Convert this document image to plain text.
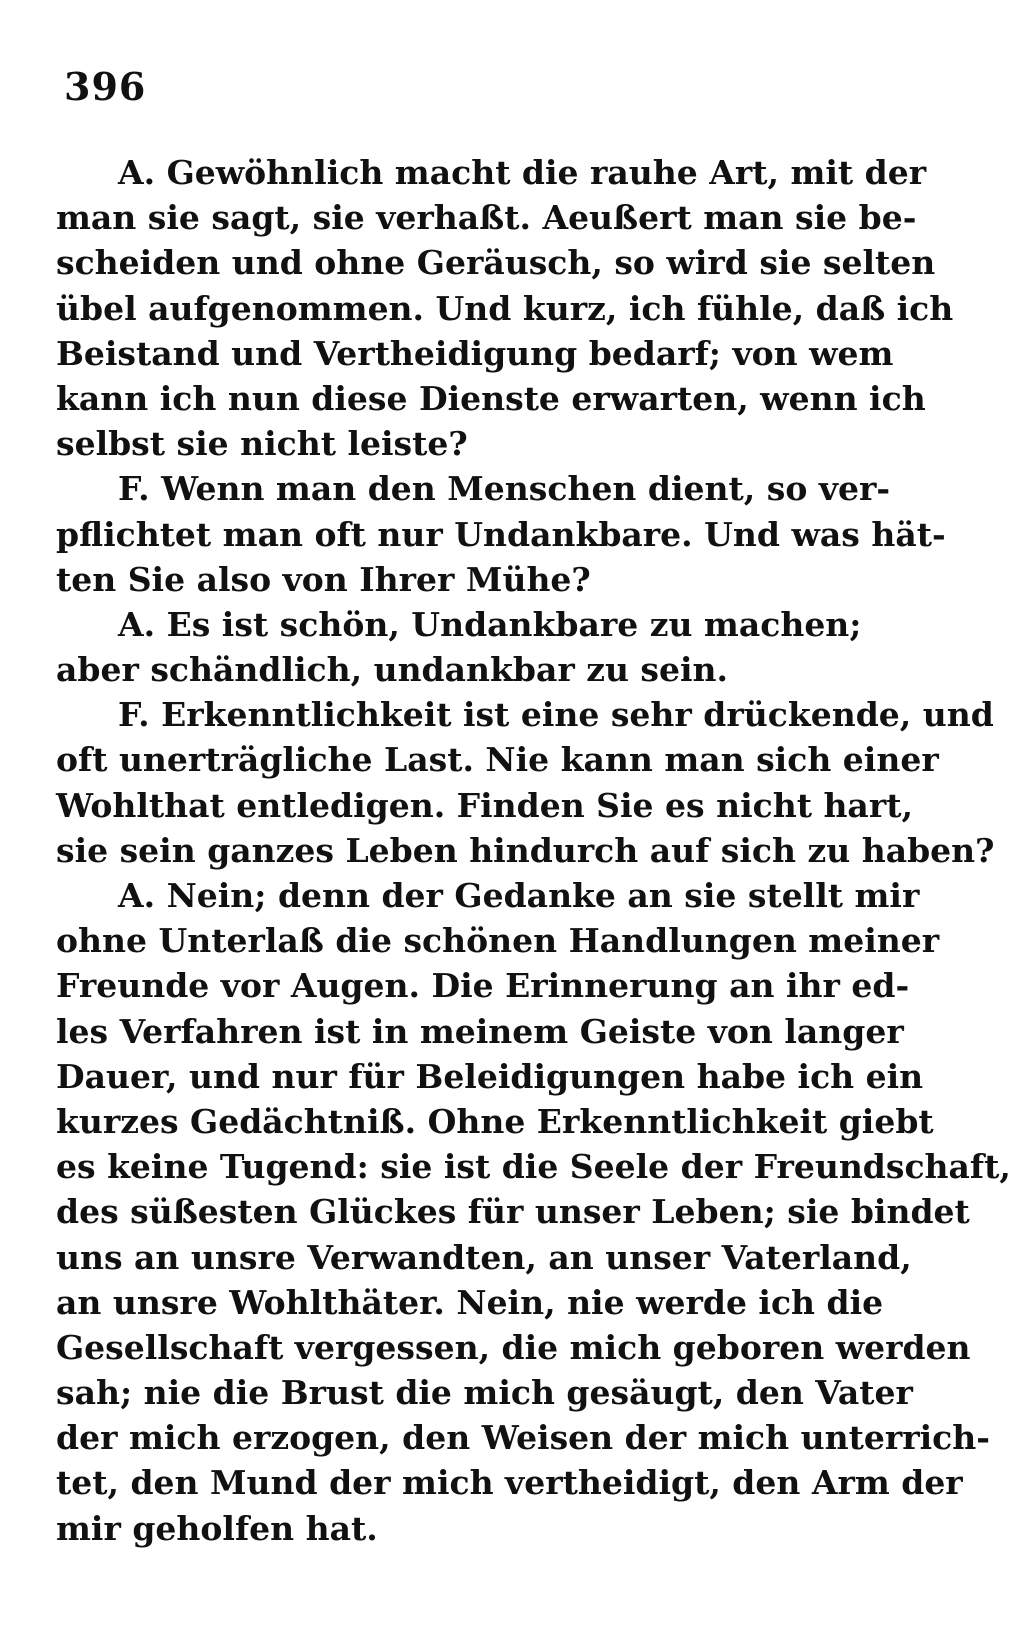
396
A. Gewöhnlich macht die rauhe Art, mit der
man sie sagt, sie verhaßt. Aeußert man sie be-
scheiden und ohne Geräusch, so wird sie selten
übel aufgenommen. Und kurz, ich fühle, daß ich
Beistand und Vertheidigung bedarf; von wem
kann ich nun diese Dienste erwarten, wenn ich
selbst sie nicht leiste?
F. Wenn man den Menschen dient, so ver-
pflichtet man oft nur Undankbare. Und was hät-
ten Sie also von Ihrer Mühe?
A. Es ist schön, Undankbare zu machen;
aber schändlich, undankbar zu sein.
F. Erkenntlichkeit ist eine sehr drückende, und
oft unerträgliche Last. Nie kann man sich einer
Wohlthat entledigen. Finden Sie es nicht hart,
sie sein ganzes Leben hindurch auf sich zu haben?
A. Nein; denn der Gedanke an sie stellt mir
ohne Unterlaß die schönen Handlungen meiner
Freunde vor Augen. Die Erinnerung an ihr ed-
les Verfahren ist in meinem Geiste von langer
Dauer, und nur für Beleidigungen habe ich ein
kurzes Gedächtniß. Ohne Erkenntlichkeit giebt
es keine Tugend: sie ist die Seele der Freundschaft,
des süßesten Glückes für unser Leben; sie bindet
uns an unsre Verwandten, an unser Vaterland,
an unsre Wohlthäter. Nein, nie werde ich die
Gesellschaft vergessen, die mich geboren werden
sah; nie die Brust die mich gesäugt, den Vater
der mich erzogen, den Weisen der mich unterrich-
tet, den Mund der mich vertheidigt, den Arm der
mir geholfen hat.
